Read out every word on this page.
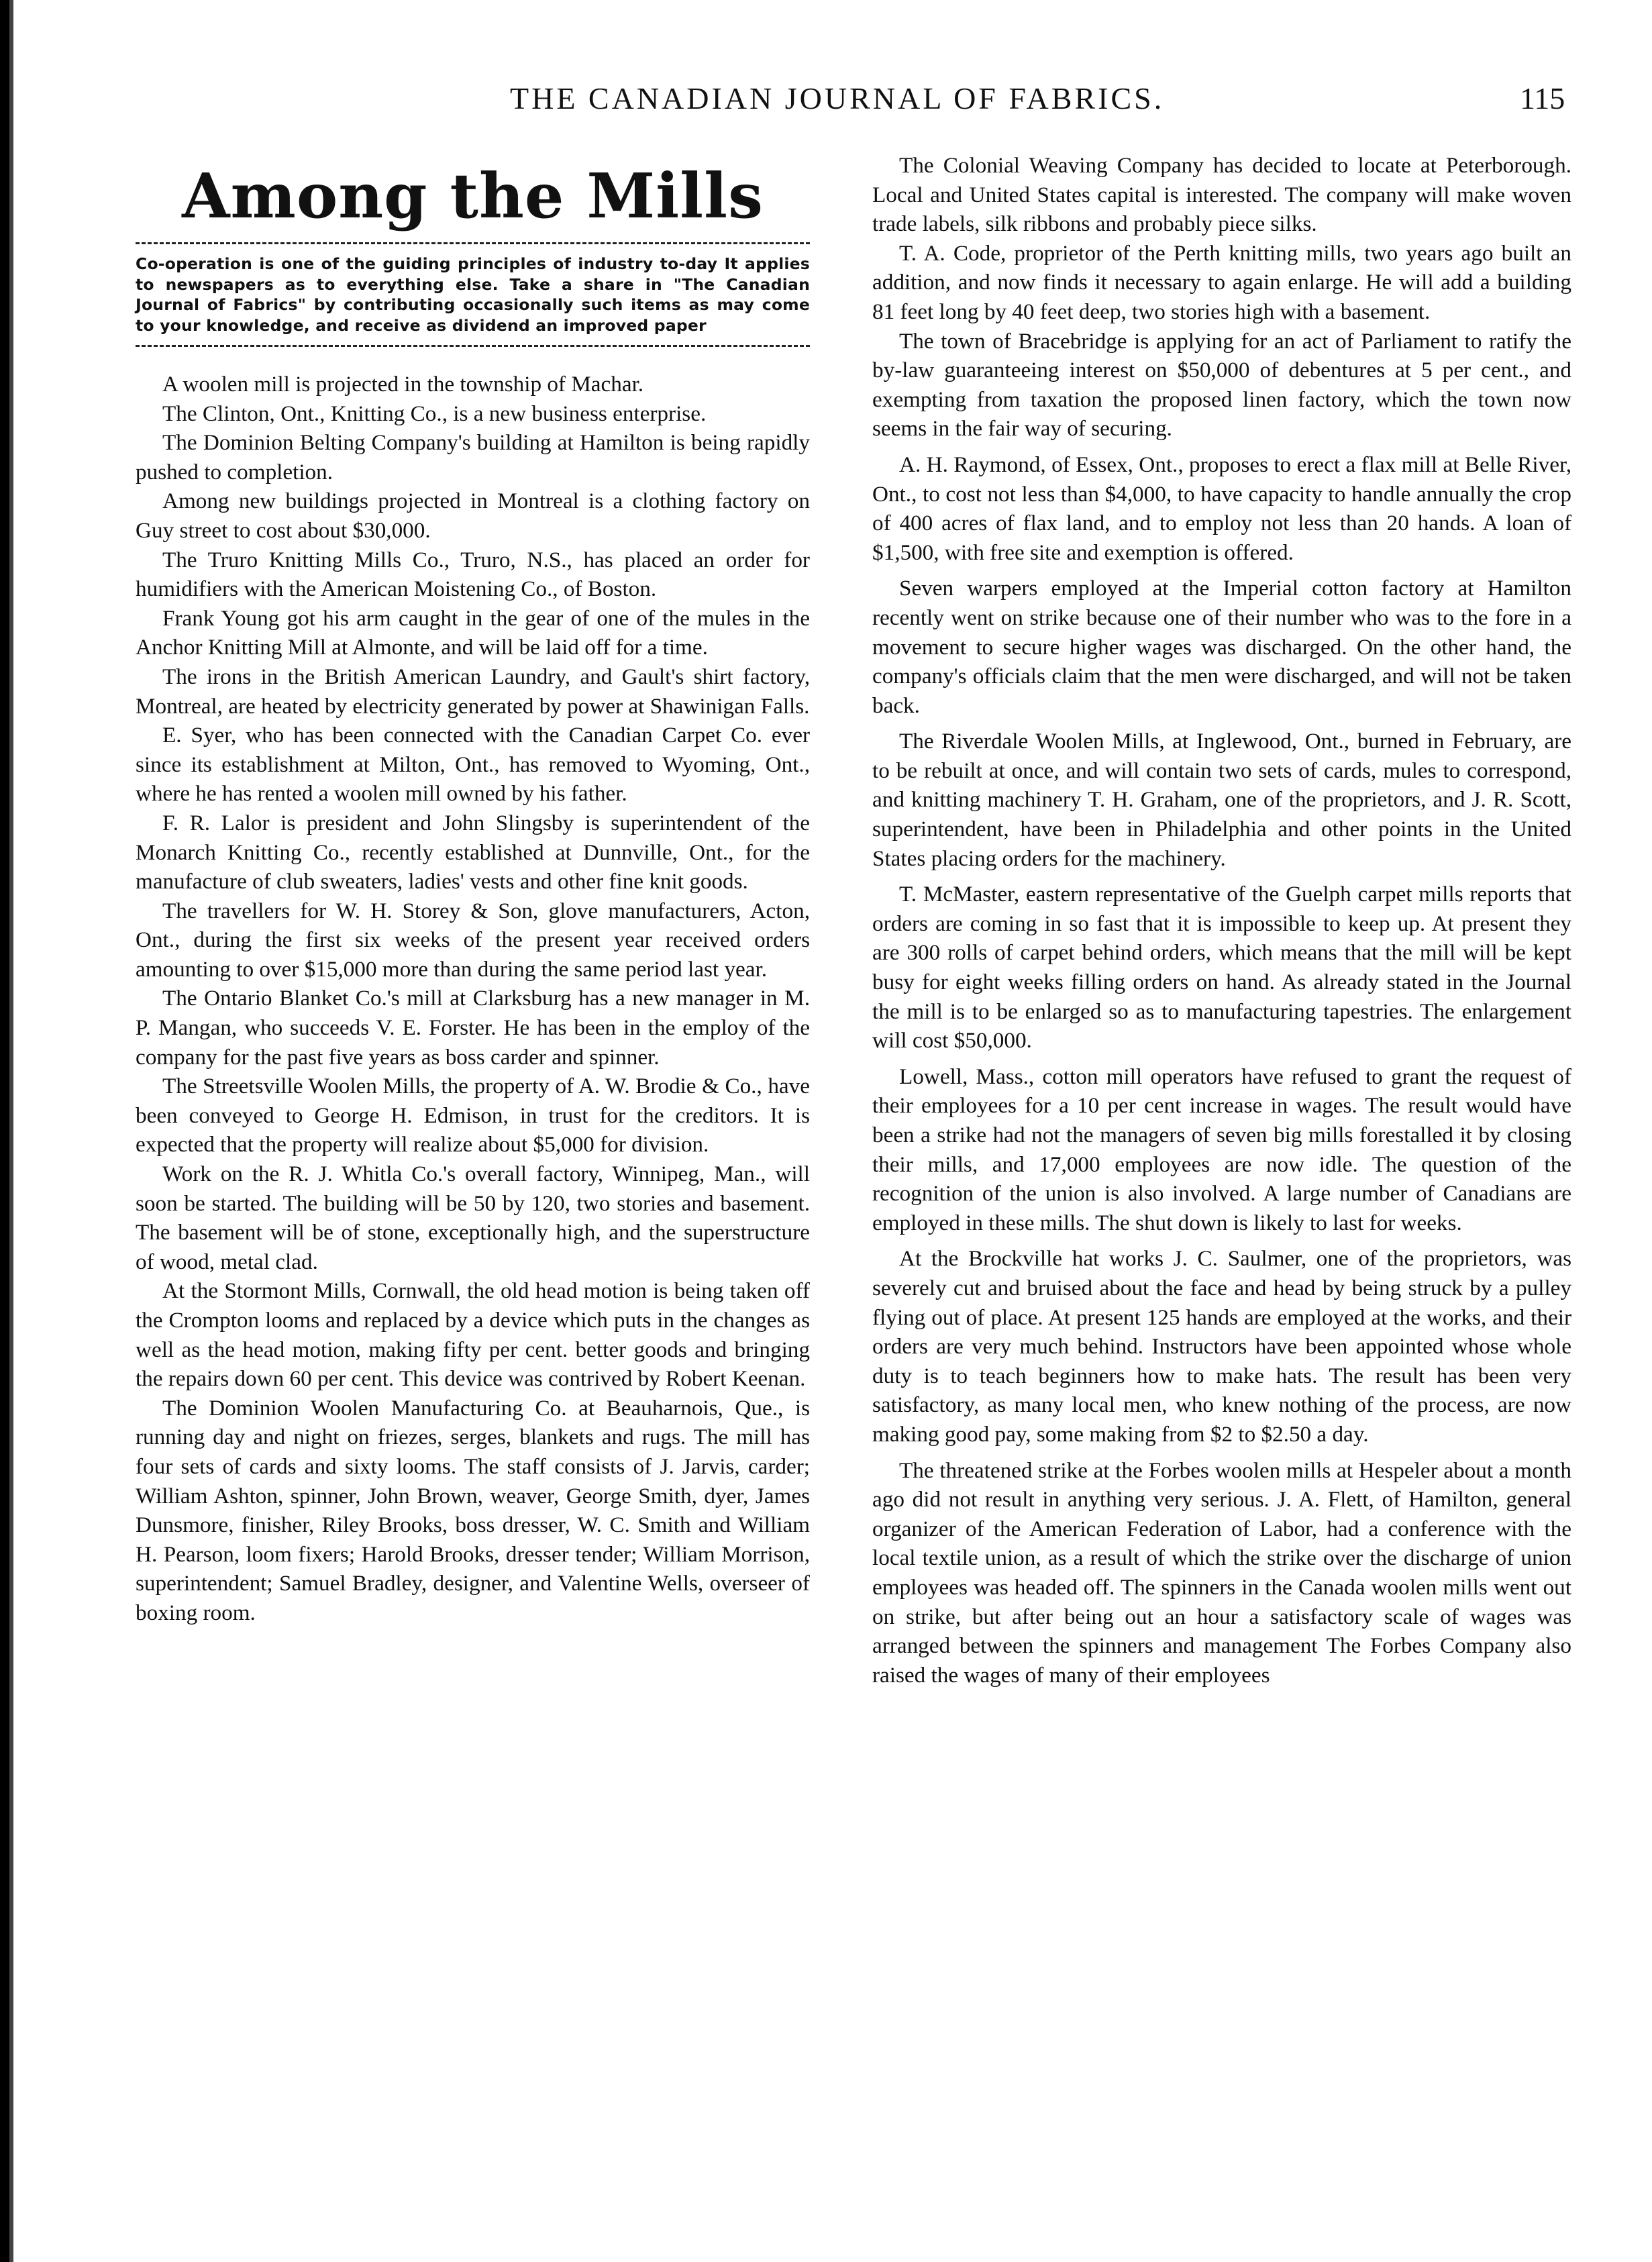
THE CANADIAN JOURNAL OF FABRICS.	115
Among the Mills
Co-operation is one of the guiding principles of industry to-day It applies to newspapers as to everything else. Take a share in "The Canadian Journal of Fabrics" by contributing occasionally such items as may come to your knowledge, and receive as dividend an improved paper

A woolen mill is projected in the township of Machar.

The Clinton, Ont., Knitting Co., is a new business enterprise.

The Dominion Belting Company's building at Hamilton is being rapidly pushed to completion.

Among new buildings projected in Montreal is a clothing factory on Guy street to cost about $30,000.

The Truro Knitting Mills Co., Truro, N.S., has placed an order for humidifiers with the American Moistening Co., of Boston.

Frank Young got his arm caught in the gear of one of the mules in the Anchor Knitting Mill at Almonte, and will be laid off for a time.

The irons in the British American Laundry, and Gault's shirt factory, Montreal, are heated by electricity generated by power at Shawinigan Falls.

E. Syer, who has been connected with the Canadian Carpet Co. ever since its establishment at Milton, Ont., has removed to Wyoming, Ont., where he has rented a woolen mill owned by his father.

F. R. Lalor is president and John Slingsby is superintendent of the Monarch Knitting Co., recently established at Dunnville, Ont., for the manufacture of club sweaters, ladies' vests and other fine knit goods.

The travellers for W. H. Storey & Son, glove manufacturers, Acton, Ont., during the first six weeks of the present year received orders amounting to over $15,000 more than during the same period last year.

The Ontario Blanket Co.'s mill at Clarksburg has a new manager in M. P. Mangan, who succeeds V. E. Forster. He has been in the employ of the company for the past five years as boss carder and spinner.

The Streetsville Woolen Mills, the property of A. W. Brodie & Co., have been conveyed to George H. Edmison, in trust for the creditors. It is expected that the property will realize about $5,000 for division.

Work on the R. J. Whitla Co.'s overall factory, Winnipeg, Man., will soon be started. The building will be 50 by 120, two stories and basement. The basement will be of stone, exceptionally high, and the superstructure of wood, metal clad.

At the Stormont Mills, Cornwall, the old head motion is being taken off the Crompton looms and replaced by a device which puts in the changes as well as the head motion, making fifty per cent. better goods and bringing the repairs down 60 per cent. This device was contrived by Robert Keenan.

The Dominion Woolen Manufacturing Co. at Beauharnois, Que., is running day and night on friezes, serges, blankets and rugs. The mill has four sets of cards and sixty looms. The staff consists of J. Jarvis, carder; William Ashton, spinner, John Brown, weaver, George Smith, dyer, James Dunsmore, finisher, Riley Brooks, boss dresser, W. C. Smith and William H. Pearson, loom fixers; Harold Brooks, dresser tender; William Morrison, superintendent; Samuel Bradley, designer, and Valentine Wells, overseer of boxing room.

The Colonial Weaving Company has decided to locate at Peterborough. Local and United States capital is interested. The company will make woven trade labels, silk ribbons and probably piece silks.

T. A. Code, proprietor of the Perth knitting mills, two years ago built an addition, and now finds it necessary to again enlarge. He will add a building 81 feet long by 40 feet deep, two stories high with a basement.

The town of Bracebridge is applying for an act of Parliament to ratify the by-law guaranteeing interest on $50,000 of debentures at 5 per cent., and exempting from taxation the proposed linen factory, which the town now seems in the fair way of securing.

A. H. Raymond, of Essex, Ont., proposes to erect a flax mill at Belle River, Ont., to cost not less than $4,000, to have capacity to handle annually the crop of 400 acres of flax land, and to employ not less than 20 hands. A loan of $1,500, with free site and exemption is offered.

Seven warpers employed at the Imperial cotton factory at Hamilton recently went on strike because one of their number who was to the fore in a movement to secure higher wages was discharged. On the other hand, the company's officials claim that the men were discharged, and will not be taken back.

The Riverdale Woolen Mills, at Inglewood, Ont., burned in February, are to be rebuilt at once, and will contain two sets of cards, mules to correspond, and knitting machinery T. H. Graham, one of the proprietors, and J. R. Scott, superintendent, have been in Philadelphia and other points in the United States placing orders for the machinery.

T. McMaster, eastern representative of the Guelph carpet mills reports that orders are coming in so fast that it is impossible to keep up. At present they are 300 rolls of carpet behind orders, which means that the mill will be kept busy for eight weeks filling orders on hand. As already stated in the Journal the mill is to be enlarged so as to manufacturing tapestries. The enlargement will cost $50,000.

Lowell, Mass., cotton mill operators have refused to grant the request of their employees for a 10 per cent increase in wages. The result would have been a strike had not the managers of seven big mills forestalled it by closing their mills, and 17,000 employees are now idle. The question of the recognition of the union is also involved. A large number of Canadians are employed in these mills. The shut down is likely to last for weeks.

At the Brockville hat works J. C. Saulmer, one of the proprietors, was severely cut and bruised about the face and head by being struck by a pulley flying out of place. At present 125 hands are employed at the works, and their orders are very much behind. Instructors have been appointed whose whole duty is to teach beginners how to make hats. The result has been very satisfactory, as many local men, who knew nothing of the process, are now making good pay, some making from $2 to $2.50 a day.

The threatened strike at the Forbes woolen mills at Hespeler about a month ago did not result in anything very serious. J. A. Flett, of Hamilton, general organizer of the American Federation of Labor, had a conference with the local textile union, as a result of which the strike over the discharge of union employees was headed off. The spinners in the Canada woolen mills went out on strike, but after being out an hour a satisfactory scale of wages was arranged between the spinners and management The Forbes Company also raised the wages of many of their employees
